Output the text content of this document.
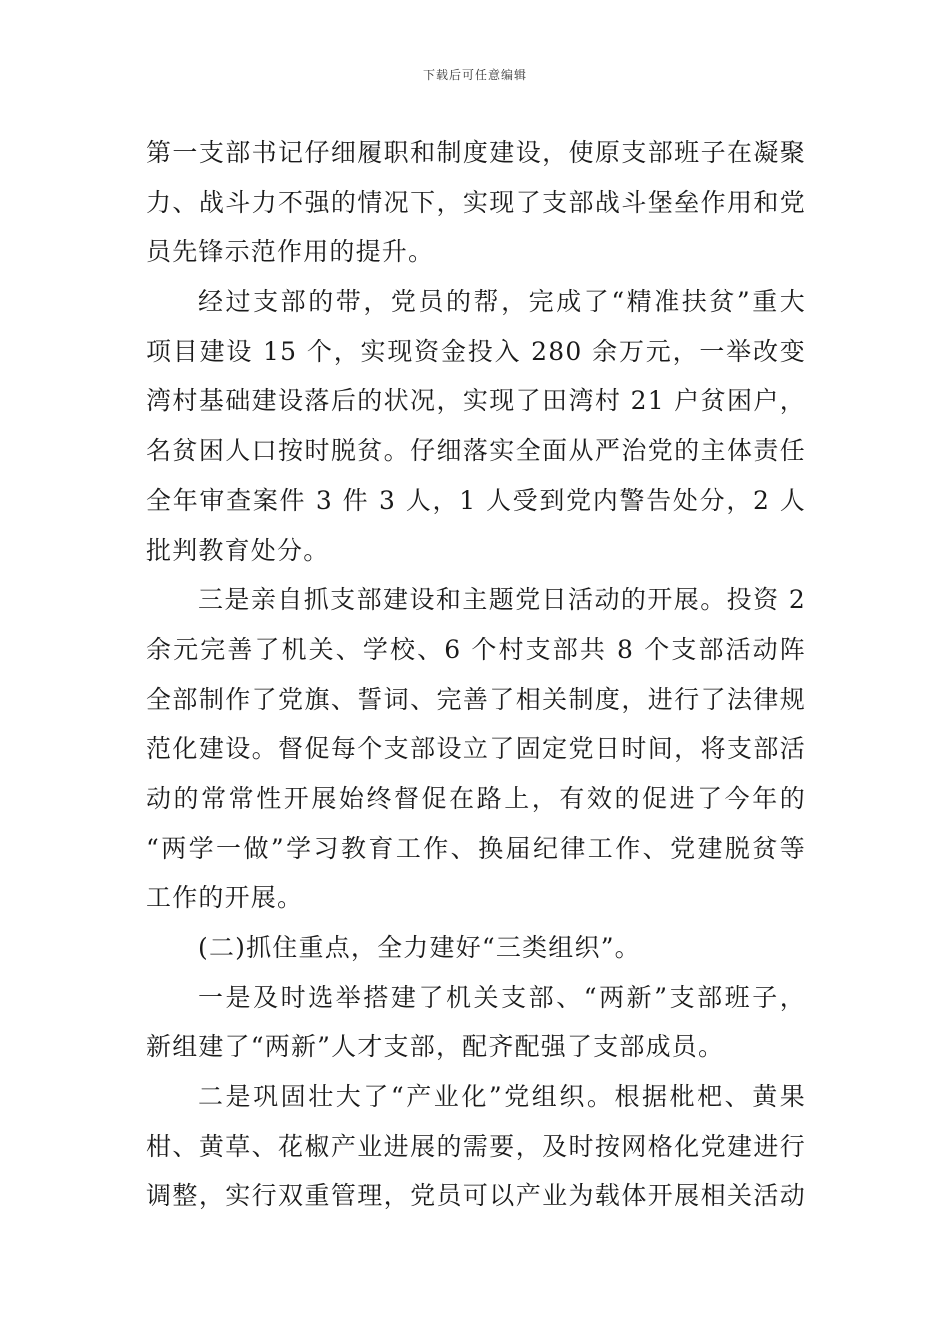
下载后可任意编辑
第一支部书记仔细履职和制度建设，使原支部班子在凝聚
力、战斗力不强的情况下，实现了支部战斗堡垒作用和党
员先锋示范作用的提升。
经过支部的带，党员的帮，完成了“精准扶贫”重大
项目建设 15 个，实现资金投入 280 余万元，一举改变
湾村基础建设落后的状况，实现了田湾村 21 户贫困户，
名贫困人口按时脱贫。仔细落实全面从严治党的主体责任
全年审查案件 3 件 3 人，1 人受到党内警告处分，2 人
批判教育处分。
三是亲自抓支部建设和主题党日活动的开展。投资 2
余元完善了机关、学校、6 个村支部共 8 个支部活动阵
全部制作了党旗、誓词、完善了相关制度，进行了法律规
范化建设。督促每个支部设立了固定党日时间，将支部活
动的常常性开展始终督促在路上，有效的促进了今年的
“两学一做”学习教育工作、换届纪律工作、党建脱贫等
工作的开展。
(二)抓住重点，全力建好“三类组织”。
一是及时选举搭建了机关支部、“两新”支部班子，
新组建了“两新”人才支部，配齐配强了支部成员。
二是巩固壮大了“产业化”党组织。根据枇杷、黄果
柑、黄草、花椒产业进展的需要，及时按网格化党建进行
调整，实行双重管理，党员可以产业为载体开展相关活动
